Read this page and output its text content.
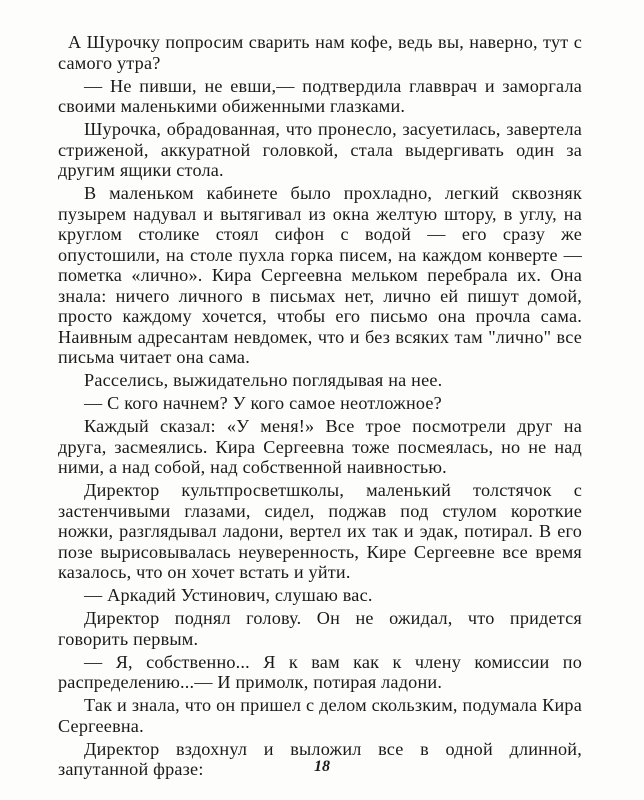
А Шурочку попросим сварить нам кофе, ведь вы, наверно, тут с самого утра?

— Не пивши, не евши,— подтвердила главврач и заморгала своими маленькими обиженными глазками.

Шурочка, обрадованная, что пронесло, засуетилась, завертела стриженой, аккуратной головкой, стала выдергивать один за другим ящики стола.

В маленьком кабинете было прохладно, легкий сквозняк пузырем надувал и вытягивал из окна желтую штору, в углу, на круглом столике стоял сифон с водой — его сразу же опустошили, на столе пухла горка писем, на каждом конверте — пометка «лично». Кира Сергеевна мельком перебрала их. Она знала: ничего личного в письмах нет, лично ей пишут домой, просто каждому хочется, чтобы его письмо она прочла сама. Наивным адресантам невдомек, что и без всяких там "лично" все письма читает она сама.

Расселись, выжидательно поглядывая на нее.

— С кого начнем? У кого самое неотложное?

Каждый сказал: «У меня!» Все трое посмотрели друг на друга, засмеялись. Кира Сергеевна тоже посмеялась, но не над ними, а над собой, над собственной наивностью.

Директор культпросветшколы, маленький толстячок с застенчивыми глазами, сидел, поджав под стулом короткие ножки, разглядывал ладони, вертел их так и эдак, потирал. В его позе вырисовывалась неуверенность, Кире Сергеевне все время казалось, что он хочет встать и уйти.

— Аркадий Устинович, слушаю вас.

Директор поднял голову. Он не ожидал, что придется говорить первым.

— Я, собственно... Я к вам как к члену комиссии по распределению...— И примолк, потирая ладони.

Так и знала, что он пришел с делом скользким, подумала Кира Сергеевна.

Директор вздохнул и выложил все в одной длинной, запутанной фразе:	18
